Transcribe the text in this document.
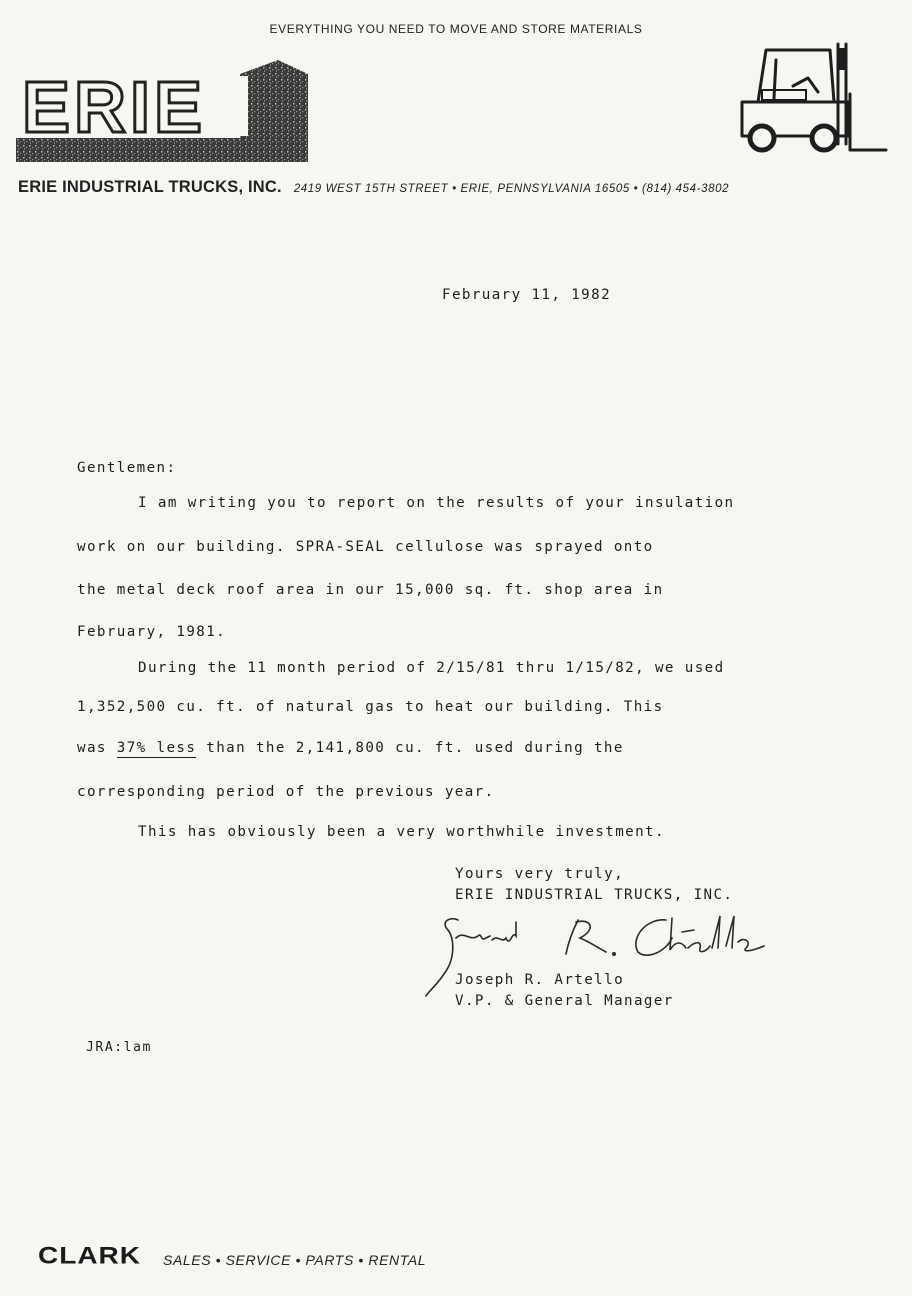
EVERYTHING YOU NEED TO MOVE AND STORE MATERIALS
ERIE
ERIE INDUSTRIAL TRUCKS, INC. 2419 WEST 15TH STREET • ERIE, PENNSYLVANIA 16505 • (814) 454-3802
February 11, 1982
Gentlemen:
I am writing you to report on the results of your insulation
work on our building. SPRA-SEAL cellulose was sprayed onto
the metal deck roof area in our 15,000 sq. ft. shop area in
February, 1981.
During the 11 month period of 2/15/81 thru 1/15/82, we used
1,352,500 cu. ft. of natural gas to heat our building. This
was 37% less than the 2,141,800 cu. ft. used during the
corresponding period of the previous year.
This has obviously been a very worthwhile investment.
Yours very truly,
ERIE INDUSTRIAL TRUCKS, INC.
Joseph R. Artello
V.P. & General Manager
JRA:lam
CLARK SALES • SERVICE • PARTS • RENTAL
